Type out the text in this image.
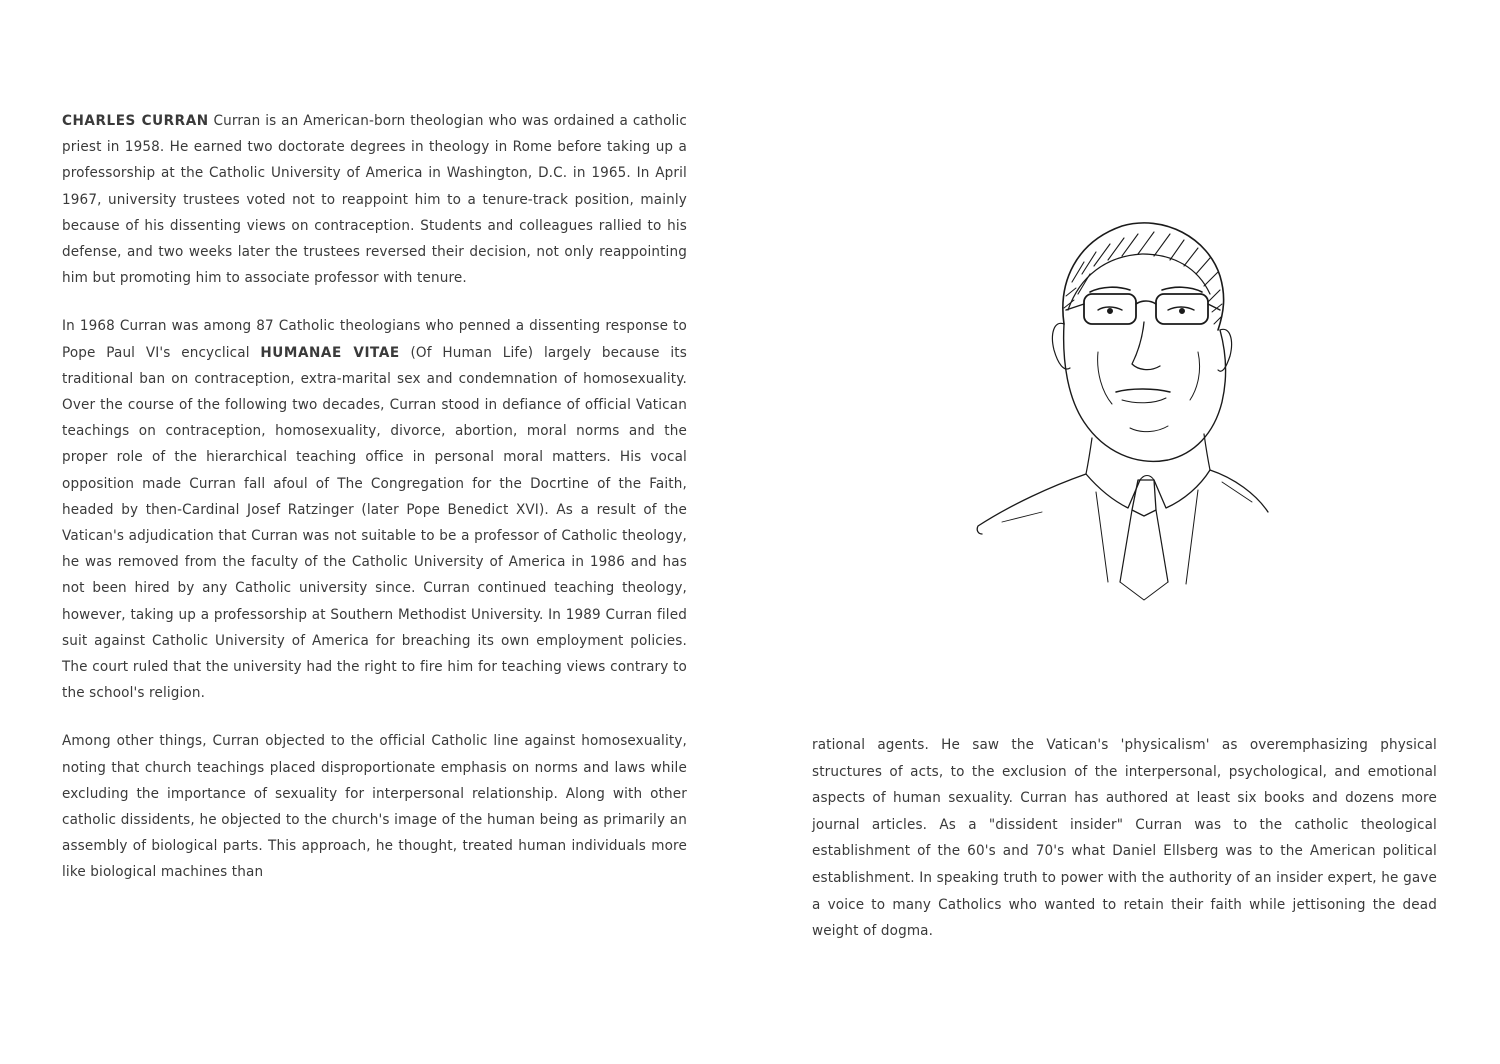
CHARLES CURRAN Curran is an American-born theologian who was ordained a catholic priest in 1958. He earned two doctorate degrees in theology in Rome before taking up a professorship at the Catholic University of America in Washington, D.C. in 1965. In April 1967, university trustees voted not to reappoint him to a tenure-track position, mainly because of his dissenting views on contraception. Students and colleagues rallied to his defense, and two weeks later the trustees reversed their decision, not only reappointing him but promoting him to associate professor with tenure.

In 1968 Curran was among 87 Catholic theologians who penned a dissenting response to Pope Paul VI's encyclical HUMANAE VITAE (Of Human Life) largely because its traditional ban on contraception, extra-marital sex and condemnation of homosexuality. Over the course of the following two decades, Curran stood in defiance of official Vatican teachings on contraception, homosexuality, divorce, abortion, moral norms and the proper role of the hierarchical teaching office in personal moral matters. His vocal opposition made Curran fall afoul of The Congregation for the Docrtine of the Faith, headed by then-Cardinal Josef Ratzinger (later Pope Benedict XVI). As a result of the Vatican's adjudication that Curran was not suitable to be a professor of Catholic theology, he was removed from the faculty of the Catholic University of America in 1986 and has not been hired by any Catholic university since. Curran continued teaching theology, however, taking up a professorship at Southern Methodist University. In 1989 Curran filed suit against Catholic University of America for breaching its own employment policies. The court ruled that the university had the right to fire him for teaching views contrary to the school's religion.

Among other things, Curran objected to the official Catholic line against homosexuality, noting that church teachings placed disproportionate emphasis on norms and laws while excluding the importance of sexuality for interpersonal relationship. Along with other catholic dissidents, he objected to the church's image of the human being as primarily an assembly of biological parts. This approach, he thought, treated human individuals more like biological machines than

rational agents. He saw the Vatican's 'physicalism' as overemphasizing physical structures of acts, to the exclusion of the interpersonal, psychological, and emotional aspects of human sexuality. Curran has authored at least six books and dozens more journal articles. As a "dissident insider" Curran was to the catholic theological establishment of the 60's and 70's what Daniel Ellsberg was to the American political establishment. In speaking truth to power with the authority of an insider expert, he gave a voice to many Catholics who wanted to retain their faith while jettisoning the dead weight of dogma.
